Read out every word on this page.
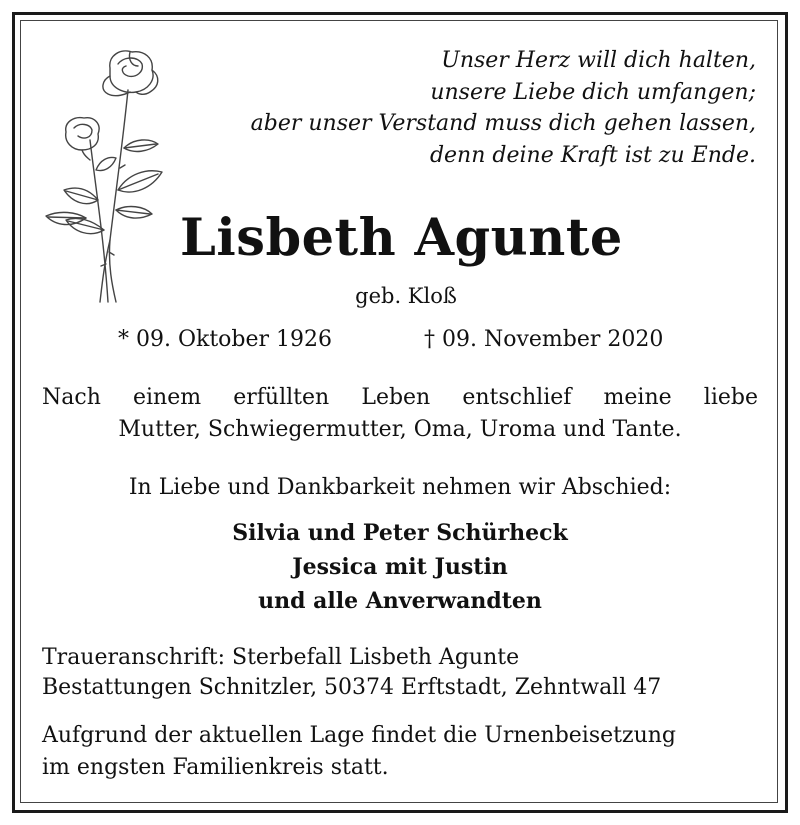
Unser Herz will dich halten,
unsere Liebe dich umfangen;
aber unser Verstand muss dich gehen lassen,
denn deine Kraft ist zu Ende.
Lisbeth Agunte
geb. Kloß
* 09. Oktober 1926	† 09. November 2020
Nach einem erfüllten Leben entschlief meine liebe
Mutter, Schwiegermutter, Oma, Uroma und Tante.
In Liebe und Dankbarkeit nehmen wir Abschied:
Silvia und Peter Schürheck
Jessica mit Justin
und alle Anverwandten
Traueranschrift: Sterbefall Lisbeth Agunte
Bestattungen Schnitzler, 50374 Erftstadt, Zehntwall 47
Aufgrund der aktuellen Lage findet die Urnenbeisetzung
im engsten Familienkreis statt.
